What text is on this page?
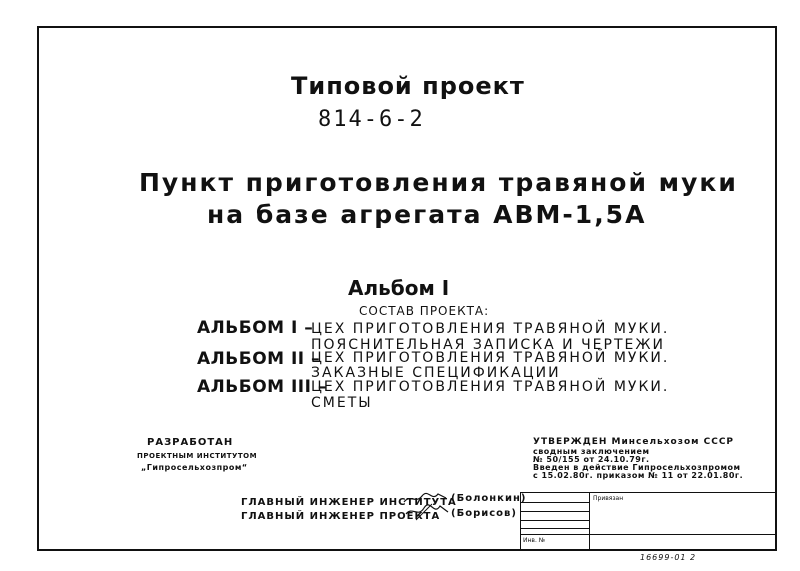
Типовой проект
814-6-2
Пункт приготовления травяной муки
на базе агрегата АВМ-1,5А
Альбом I
СОСТАВ ПРОЕКТА:
АЛЬБОМ I –
ЦЕХ ПРИГОТОВЛЕНИЯ ТРАВЯНОЙ МУКИ.
ПОЯСНИТЕЛЬНАЯ ЗАПИСКА И ЧЕРТЕЖИ
АЛЬБОМ II –
ЦЕХ ПРИГОТОВЛЕНИЯ ТРАВЯНОЙ МУКИ.
ЗАКАЗНЫЕ СПЕЦИФИКАЦИИ
АЛЬБОМ III –
ЦЕХ ПРИГОТОВЛЕНИЯ ТРАВЯНОЙ МУКИ.
СМЕТЫ
РАЗРАБОТАН
ПРОЕКТНЫМ ИНСТИТУТОМ
„Гипросельхозпром“
УТВЕРЖДЕН Минсельхозом СССР
сводным заключением
№ 50/155 от 24.10.79г.
Введен в действие Гипросельхозпромом
с 15.02.80г. приказом № 11 от 22.01.80г.
ГЛАВНЫЙ ИНЖЕНЕР ИНСТИТУТА
(Болонкин)
ГЛАВНЫЙ ИНЖЕНЕР ПРОЕКТА (Борисов)
Привязан
Инв. №
16699-01 2
